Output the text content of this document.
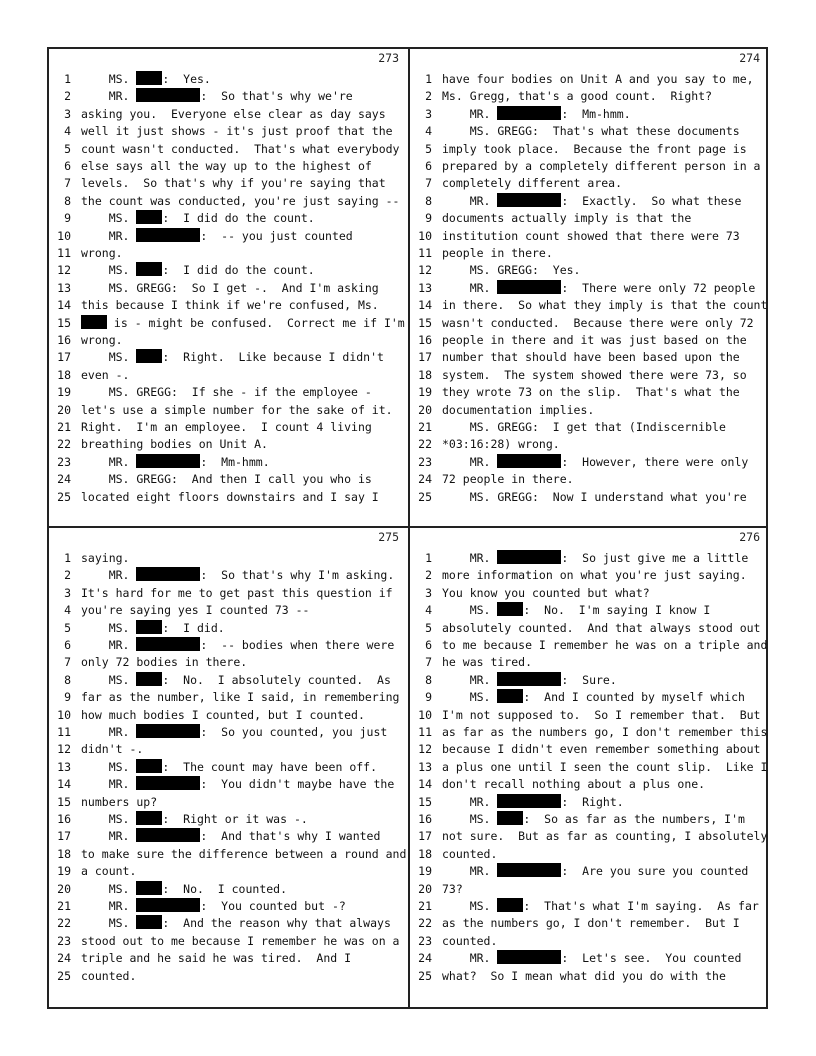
273
1 MS. :  Yes.
2 MR.	:  So that's why we're
3 asking you.  Everyone else clear as day says
4 well it just shows - it's just proof that the
5 count wasn't conducted.  That's what everybody
6 else says all the way up to the highest of
7 levels.  So that's why if you're saying that
8 the count was conducted, you're just saying --
9 MS. :  I did do the count.
10 MR.	:  -- you just counted
11 wrong.
12 MS. :  I did do the count.
13 MS. GREGG:  So I get -.  And I'm asking
14 this because I think if we're confused, Ms.
15	is - might be confused.  Correct me if I'm
16 wrong.
17 MS. :  Right.  Like because I didn't
18 even -.
19 MS. GREGG:  If she - if the employee -
20 let's use a simple number for the sake of it.
21 Right.  I'm an employee.  I count 4 living
22 breathing bodies on Unit A.
23 MR.	:  Mm-hmm.
24 MS. GREGG:  And then I call you who is
25 located eight floors downstairs and I say I
274
1 have four bodies on Unit A and you say to me,
2 Ms. Gregg, that's a good count.  Right?
3 MR.	:  Mm-hmm.
4 MS. GREGG:  That's what these documents
5 imply took place.  Because the front page is
6 prepared by a completely different person in a
7 completely different area.
8 MR.	:  Exactly.  So what these
9 documents actually imply is that the
10 institution count showed that there were 73
11 people in there.
12 MS. GREGG:  Yes.
13 MR.	:  There were only 72 people
14 in there.  So what they imply is that the count
15 wasn't conducted.  Because there were only 72
16 people in there and it was just based on the
17 number that should have been based upon the
18 system.  The system showed there were 73, so
19 they wrote 73 on the slip.  That's what the
20 documentation implies.
21 MS. GREGG:  I get that (Indiscernible
22 *03:16:28) wrong.
23 MR.	:  However, there were only
24 72 people in there.
25 MS. GREGG:  Now I understand what you're
275
1 saying.
2 MR.	:  So that's why I'm asking.
3 It's hard for me to get past this question if
4 you're saying yes I counted 73 --
5 MS. :  I did.
6 MR.	:  -- bodies when there were
7 only 72 bodies in there.
8 MS. :  No.  I absolutely counted.  As
9 far as the number, like I said, in remembering
10 how much bodies I counted, but I counted.
11 MR.	:  So you counted, you just
12 didn't -.
13 MS. :  The count may have been off.
14 MR.	:  You didn't maybe have the
15 numbers up?
16 MS. :  Right or it was -.
17 MR.	:  And that's why I wanted
18 to make sure the difference between a round and
19 a count.
20 MS. :  No.  I counted.
21 MR.	:  You counted but -?
22 MS. :  And the reason why that always
23 stood out to me because I remember he was on a
24 triple and he said he was tired.  And I
25 counted.
276
1 MR.	:  So just give me a little
2 more information on what you're just saying.
3 You know you counted but what?
4 MS. :  No.  I'm saying I know I
5 absolutely counted.  And that always stood out
6 to me because I remember he was on a triple and
7 he was tired.
8 MR.	:  Sure.
9 MS. :  And I counted by myself which
10 I'm not supposed to.  So I remember that.  But
11 as far as the numbers go, I don't remember this
12 because I didn't even remember something about
13 a plus one until I seen the count slip.  Like I
14 don't recall nothing about a plus one.
15 MR.	:  Right.
16 MS. :  So as far as the numbers, I'm
17 not sure.  But as far as counting, I absolutely
18 counted.
19 MR.	:  Are you sure you counted
20 73?
21 MS. :  That's what I'm saying.  As far
22 as the numbers go, I don't remember.  But I
23 counted.
24 MR.	:  Let's see.  You counted
25 what?  So I mean what did you do with the
